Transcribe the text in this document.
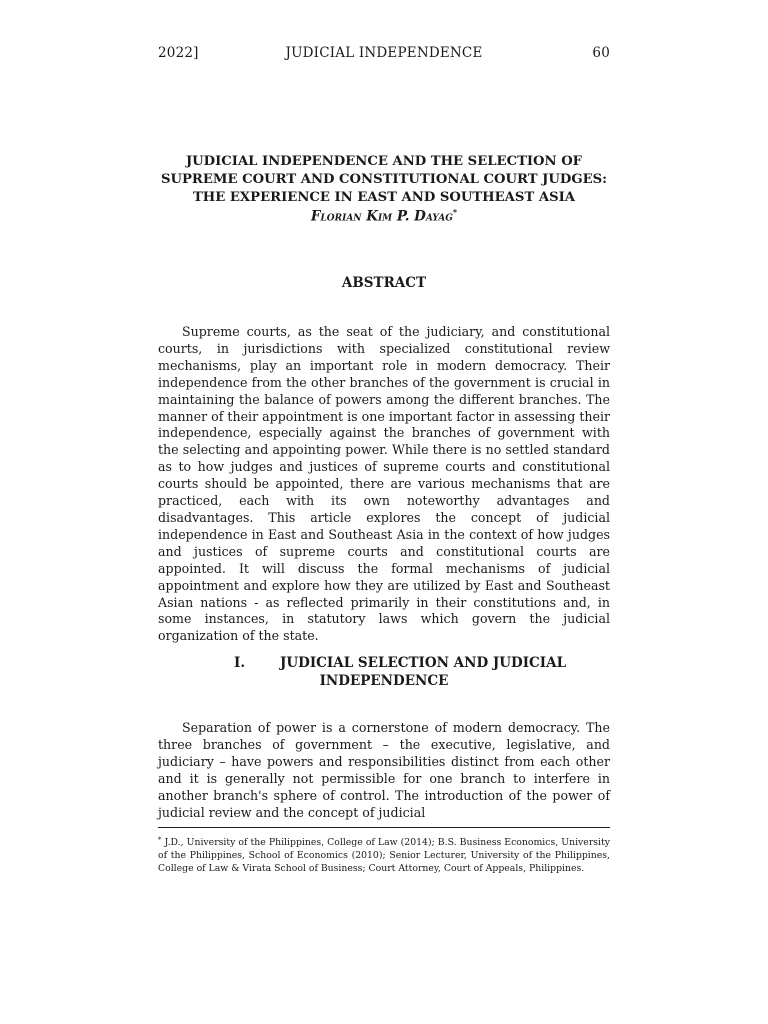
2022]	JUDICIAL INDEPENDENCE	60
JUDICIAL INDEPENDENCE AND THE SELECTION OF
SUPREME COURT AND CONSTITUTIONAL COURT JUDGES:
THE EXPERIENCE IN EAST AND SOUTHEAST ASIA
Florian Kim P. Dayag*
ABSTRACT

Supreme courts, as the seat of the judiciary, and constitutional courts, in jurisdictions with specialized constitutional review mechanisms, play an important role in modern democracy. Their independence from the other branches of the government is crucial in maintaining the balance of powers among the different branches. The manner of their appointment is one important factor in assessing their independence, especially against the branches of government with the selecting and appointing power. While there is no settled standard as to how judges and justices of supreme courts and constitutional courts should be appointed, there are various mechanisms that are practiced, each with its own noteworthy advantages and disadvantages. This article explores the concept of judicial independence in East and Southeast Asia in the context of how judges and justices of supreme courts and constitutional courts are appointed. It will discuss the formal mechanisms of judicial appointment and explore how they are utilized by East and Southeast Asian nations - as reflected primarily in their constitutions and, in some instances, in statutory laws which govern the judicial organization of the state.

I.	JUDICIAL SELECTION AND JUDICIAL
INDEPENDENCE

Separation of power is a cornerstone of modern democracy. The three branches of government – the executive, legislative, and judiciary – have powers and responsibilities distinct from each other and it is generally not permissible for one branch to interfere in another branch's sphere of control. The introduction of the power of judicial review and the concept of judicial

* J.D., University of the Philippines, College of Law (2014); B.S. Business Economics, University of the Philippines, School of Economics (2010); Senior Lecturer, University of the Philippines, College of Law & Virata School of Business; Court Attorney, Court of Appeals, Philippines.
